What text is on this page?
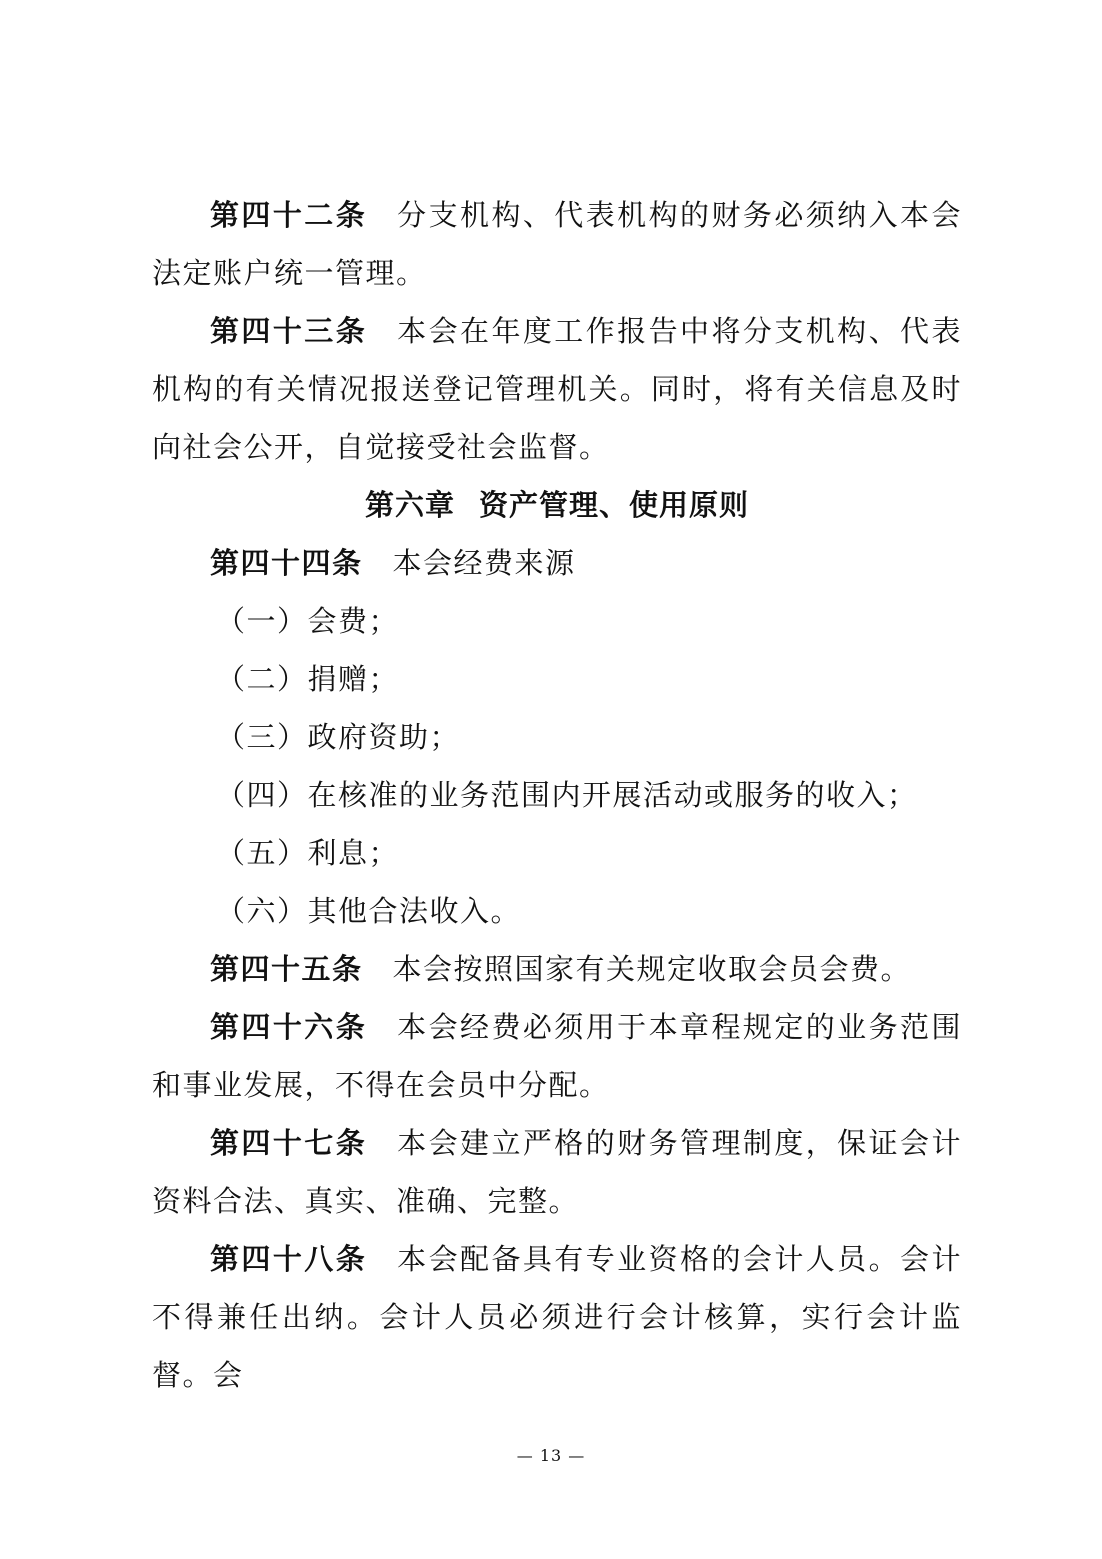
第四十二条 分支机构、代表机构的财务必须纳入本会法定账户统一管理。

第四十三条 本会在年度工作报告中将分支机构、代表机构的有关情况报送登记管理机关。同时，将有关信息及时向社会公开，自觉接受社会监督。

第六章 资产管理、使用原则

第四十四条 本会经费来源

（一）会费；

（二）捐赠；

（三）政府资助；

（四）在核准的业务范围内开展活动或服务的收入；

（五）利息；

（六）其他合法收入。

第四十五条 本会按照国家有关规定收取会员会费。

第四十六条 本会经费必须用于本章程规定的业务范围和事业发展，不得在会员中分配。

第四十七条 本会建立严格的财务管理制度，保证会计资料合法、真实、准确、完整。

第四十八条 本会配备具有专业资格的会计人员。会计不得兼任出纳。会计人员必须进行会计核算，实行会计监督。会

— 13 —
